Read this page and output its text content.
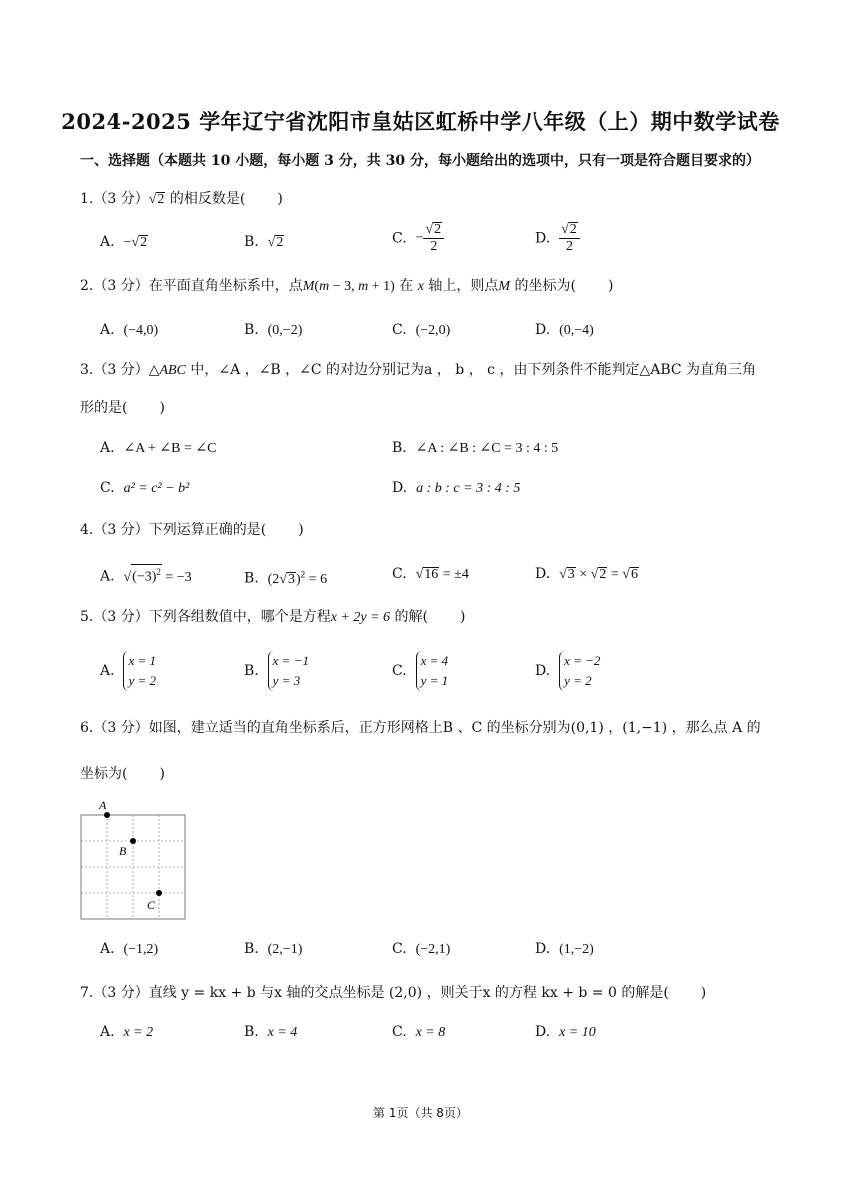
2024-2025 学年辽宁省沈阳市皇姑区虹桥中学八年级（上）期中数学试卷
一、选择题（本题共 10 小题，每小题 3 分，共 30 分，每小题给出的选项中，只有一项是符合题目要求的）
1.（3 分）√2 的相反数是( )
A. −√2	B. √2	C. − $\frac{√2}{2}$	D. $\frac{√2}{2}$
2.（3 分）在平面直角坐标系中，点M(m − 3, m + 1) 在 x 轴上，则点M 的坐标为( )
A.  (−4,0)	B.  (0,−2)	C.  (−2,0)	D.  (0,−4)
3.（3 分）△ABC 中，∠A ，∠B ，∠C 的对边分别记为a ， b ， c ，由下列条件不能判定△ABC 为直角三角
形的是( )
A.  ∠A + ∠B = ∠C	B.  ∠A : ∠B : ∠C = 3 : 4 : 5
C.  a² = c² − b²	D.  a : b : c = 3 : 4 : 5
4.（3 分）下列运算正确的是( )
A.  $√(-3)^2 = -3$	B.  $(2√3)^2 = 6$	C.  √16 = ±4	D.  √3 × √2 = √6
5.（3 分）下列各组数值中，哪个是方程x + 2y = 6 的解( )
A.  x = 1
y = 2
B.  x = −1
y = 3
C.  x = 4
y = 1
D.  x = −2
y = 2
6.（3 分）如图，建立适当的直角坐标系后，正方形网格上B 、C 的坐标分别为(0,1) ，(1,−1) ，那么点 A 的
坐标为( )
A
B
C
A.  (−1,2)	B.  (2,−1)	C.  (−2,1)	D.  (1,−2)
7.（3 分）直线 y = kx + b 与x 轴的交点坐标是 (2,0) ，则关于x 的方程 kx + b = 0 的解是( )
A.  x = 2	B.  x = 4	C.  x = 8	D.  x = 10
第 1页（共 8页）
